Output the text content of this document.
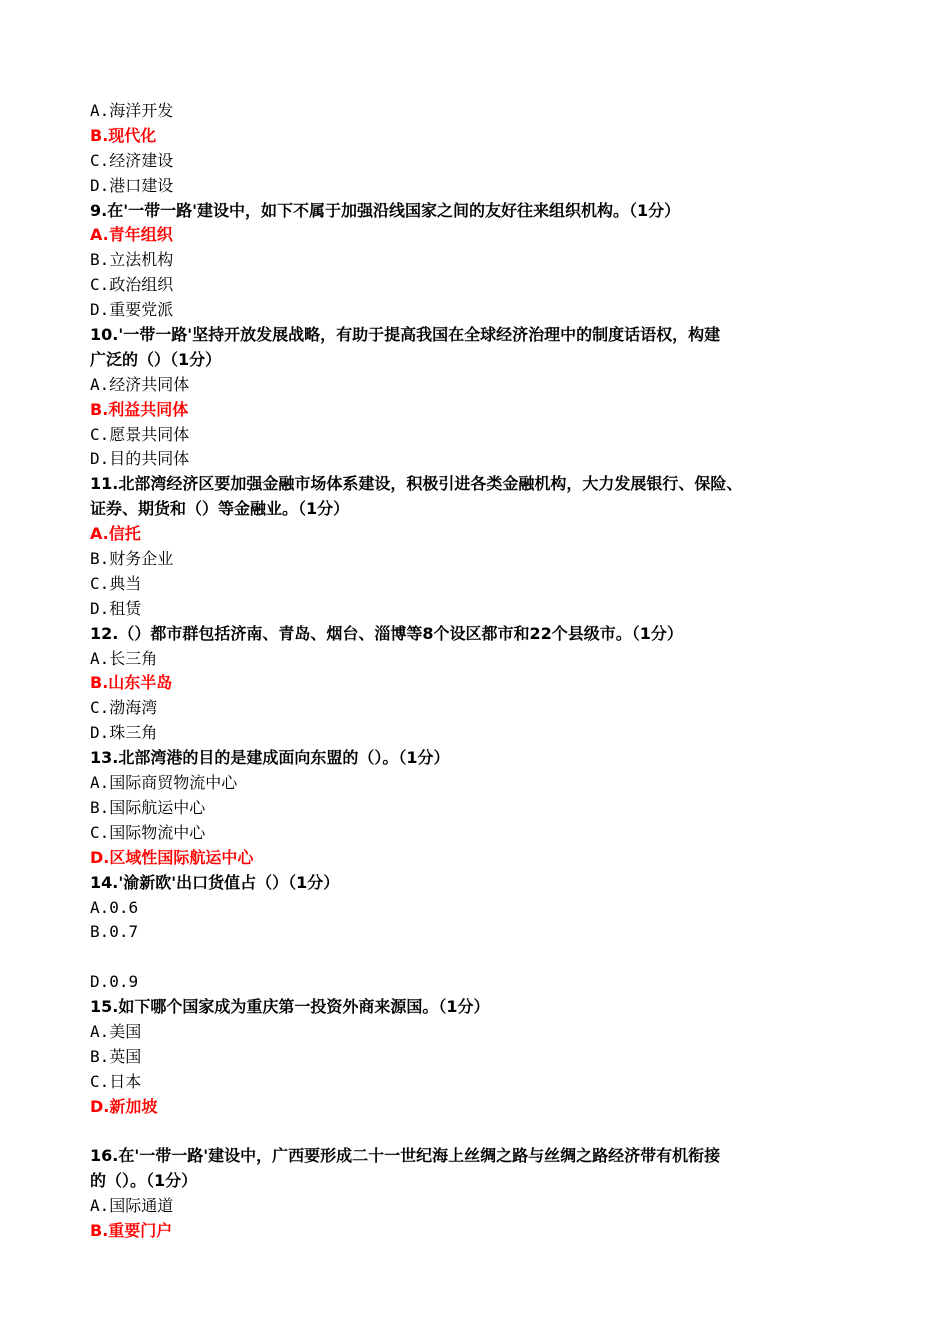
A.海洋开发
B.现代化
C.经济建设
D.港口建设
9.在'一带一路'建设中，如下不属于加强沿线国家之间的友好往来组织机构。（1分）
A.青年组织
B.立法机构
C.政治组织
D.重要党派
10.'一带一路'坚持开放发展战略，有助于提高我国在全球经济治理中的制度话语权，构建
广泛的（）（1分）
A.经济共同体
B.利益共同体
C.愿景共同体
D.目的共同体
11.北部湾经济区要加强金融市场体系建设，积极引进各类金融机构，大力发展银行、保险、
证券、期货和（）等金融业。（1分）
A.信托
B.财务企业
C.典当
D.租赁
12.（）都市群包括济南、青岛、烟台、淄博等8个设区都市和22个县级市。（1分）
A.长三角
B.山东半岛
C.渤海湾
D.珠三角
13.北部湾港的目的是建成面向东盟的（）。（1分）
A.国际商贸物流中心
B.国际航运中心
C.国际物流中心
D.区域性国际航运中心
14.'渝新欧'出口货值占（）（1分）
A.0.6
B.0.7
D.0.9
15.如下哪个国家成为重庆第一投资外商来源国。（1分）
A.美国
B.英国
C.日本
D.新加坡
16.在'一带一路'建设中，广西要形成二十一世纪海上丝绸之路与丝绸之路经济带有机衔接
的（）。（1分）
A.国际通道
B.重要门户
